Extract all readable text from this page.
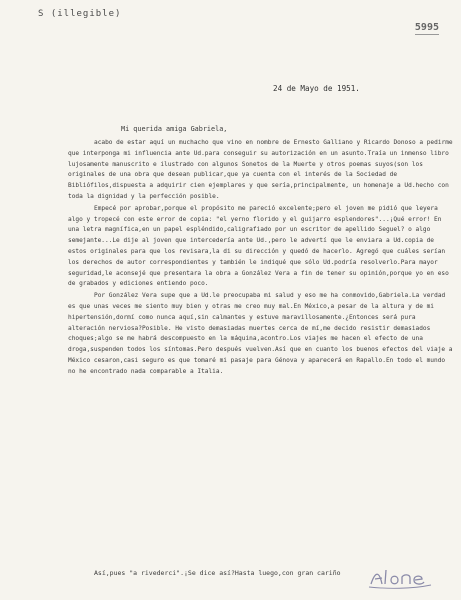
S (illegible)
5995
24 de Mayo de 1951.
Mi querida amiga Gabriela,

acabo de estar aquí un muchacho que vino en nombre de Ernesto Galliano y Ricardo Donoso a pedirme que interponga mi influencia ante Ud.para conseguir su autorización en un asunto.Traía un inmenso libro lujosamente manuscrito e ilustrado con algunos Sonetos de la Muerte y otros poemas suyos(son los originales de una obra que desean publicar,que ya cuenta con el interés de la Sociedad de Bibliófilos,dispuesta a adquirir cien ejemplares y que sería,principalmente, un homenaje a Ud.hecho con toda la dignidad y la perfección posible.

Empecé por aprobar,porque el propósito me pareció excelente;pero el joven me pidió que leyera algo y tropecé con este error de copia: "el yerno florido y el guijarro esplendores"...¡Qué error! En una letra magnífica,en un papel espléndido,caligrafiado por un escritor de apellido Seguel? o algo semejante...Le dije al joven que intercedería ante Ud.,pero le advertí que le enviara a Ud.copia de estos originales para que los revisara,la di su dirección y quedó de hacerlo. Agregó que cuáles serían los derechos de autor correspondientes y también le indiqué que sólo Ud.podría resolverlo.Para mayor seguridad,le aconsejé que presentara la obra a González Vera a fin de tener su opinión,porque yo en eso de grabados y ediciones entiendo poco.

Por González Vera supe que a Ud.le preocupaba mi salud y eso me ha conmovido,Gabriela.La verdad es que unas veces me siento muy bien y otras me creo muy mal.En México,a pesar de la altura y de mi hipertensión,dormí como nunca aquí,sin calmantes y estuve maravillosamente.¿Entonces será pura alteración nerviosa?Posible. He visto demasiadas muertes cerca de mí,me decido resistir demasiados choques;algo se me habrá descompuesto en la máquina,acontro.Los viajes me hacen el efecto de una droga,suspenden todos los síntomas.Pero después vuelven.Así que en cuanto los buenos efectos del viaje a México cesaron,casi seguro es que tomaré mi pasaje para Génova y aparecerá en Rapallo.En todo el mundo no he encontrado nada comparable a Italia.

Así,pues "a rivederci".¡Se dice así?Hasta luego,con gran cariño
